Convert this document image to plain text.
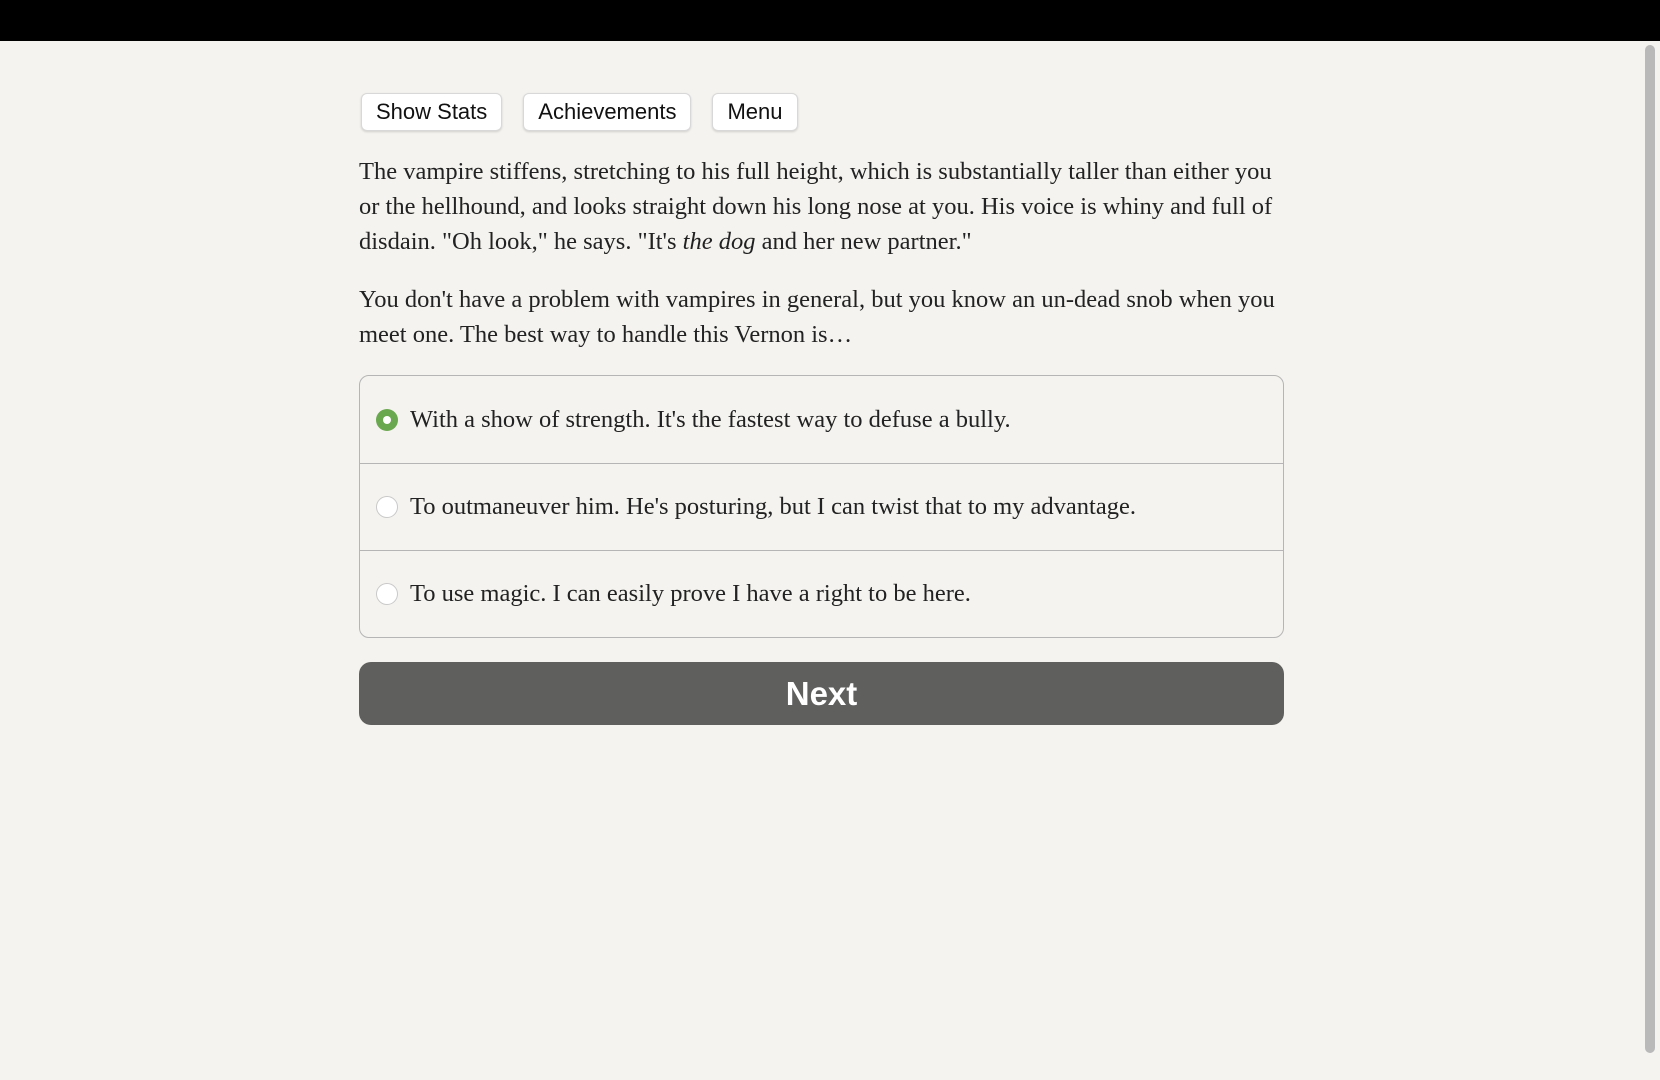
Show Stats	Achievements	Menu

The vampire stiffens, stretching to his full height, which is substantially taller than either you or the hellhound, and looks straight down his long nose at you. His voice is whiny and full of disdain. "Oh look," he says. "It's the dog and her new partner."

You don't have a problem with vampires in general, but you know an un-dead snob when you meet one. The best way to handle this Vernon is…

With a show of strength. It's the fastest way to defuse a bully.
To outmaneuver him. He's posturing, but I can twist that to my advantage.
To use magic. I can easily prove I have a right to be here.
Next
